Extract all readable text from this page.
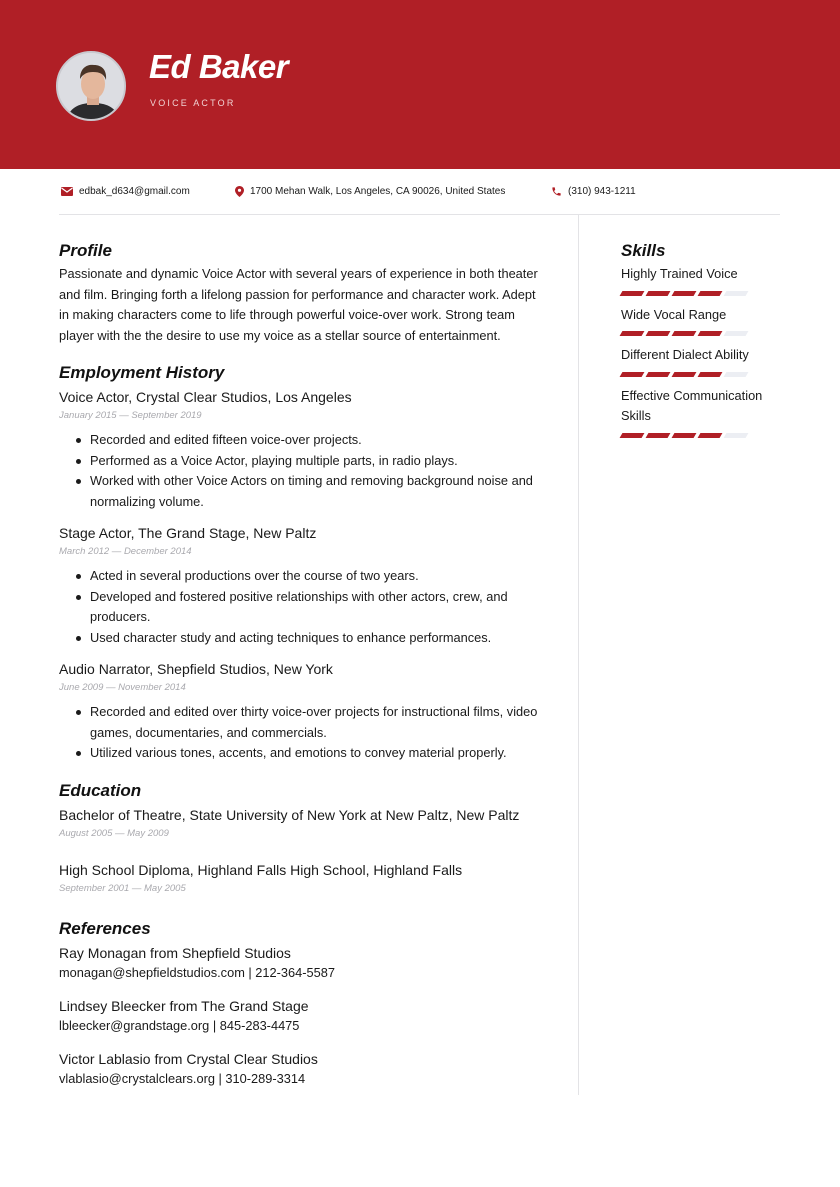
Ed Baker
VOICE ACTOR
edbak_d634@gmail.com	1700 Mehan Walk, Los Angeles, CA 90026, United States	(310) 943-1211
Profile
Passionate and dynamic Voice Actor with several years of experience in both theater and film. Bringing forth a lifelong passion for performance and character work. Adept in making characters come to life through powerful voice-over work. Strong team player with the the desire to use my voice as a stellar source of entertainment.
Employment History
Voice Actor, Crystal Clear Studios, Los Angeles
January 2015 — September 2019
Recorded and edited fifteen voice-over projects.
Performed as a Voice Actor, playing multiple parts, in radio plays.
Worked with other Voice Actors on timing and removing background noise and normalizing volume.
Stage Actor, The Grand Stage, New Paltz
March 2012 — December 2014
Acted in several productions over the course of two years.
Developed and fostered positive relationships with other actors, crew, and producers.
Used character study and acting techniques to enhance performances.
Audio Narrator, Shepfield Studios, New York
June 2009 — November 2014
Recorded and edited over thirty voice-over projects for instructional films, video games, documentaries, and commercials.
Utilized various tones, accents, and emotions to convey material properly.
Education
Bachelor of Theatre, State University of New York at New Paltz, New Paltz
August 2005 — May 2009
High School Diploma, Highland Falls High School, Highland Falls
September 2001 — May 2005
References
Ray Monagan from Shepfield Studios
monagan@shepfieldstudios.com | 212-364-5587
Lindsey Bleecker from The Grand Stage
lbleecker@grandstage.org | 845-283-4475
Victor Lablasio from Crystal Clear Studios
vlablasio@crystalclears.org | 310-289-3314
Skills
Highly Trained Voice
Wide Vocal Range
Different Dialect Ability
Effective Communication Skills
